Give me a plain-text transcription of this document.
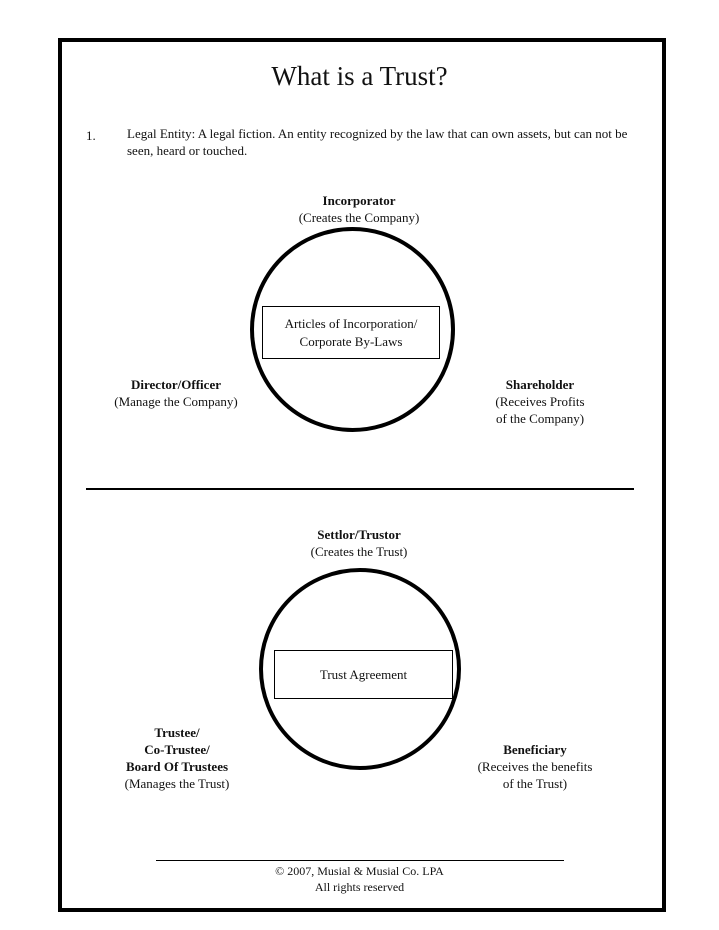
What is a Trust?
1. Legal Entity: A legal fiction. An entity recognized by the law that can own assets, but can not be seen, heard or touched.
Incorporator
(Creates the Company)
Articles of Incorporation/
Corporate By-Laws
Director/Officer
(Manage the Company)
Shareholder
(Receives Profits
of the Company)
Settlor/Trustor
(Creates the Trust)
Trust Agreement
Trustee/
Co-Trustee/
Board Of Trustees
(Manages the Trust)
Beneficiary
(Receives the benefits
of the Trust)
© 2007, Musial & Musial Co. LPA
All rights reserved
